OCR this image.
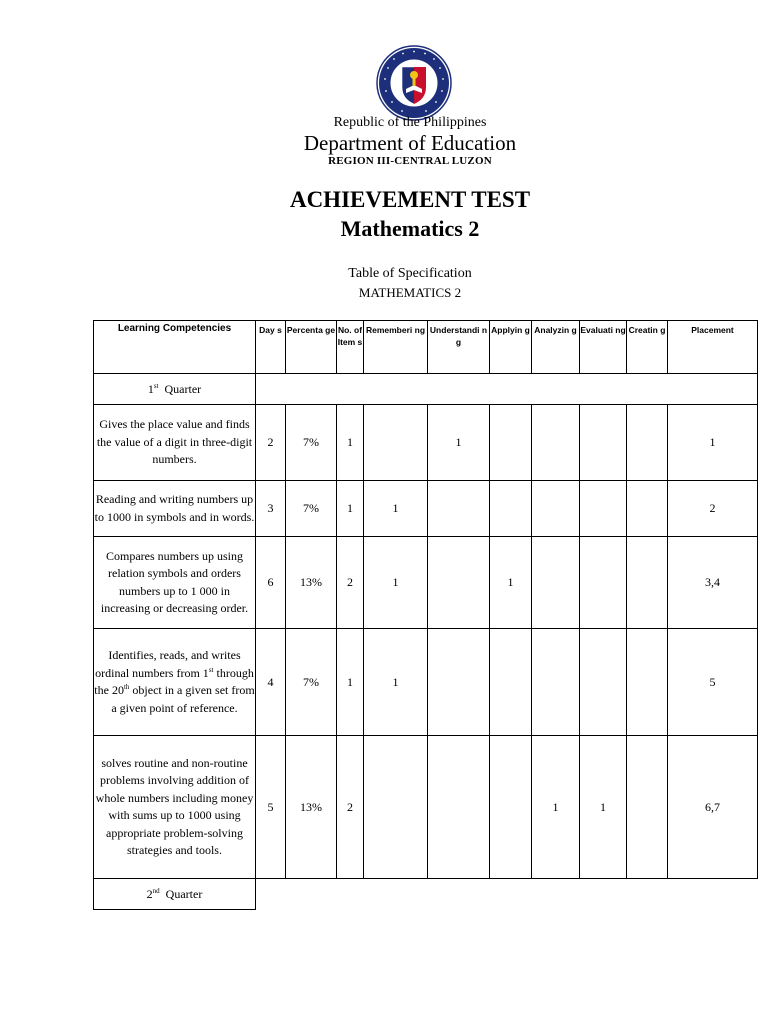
Republic of the Philippines
Department of Education
REGION III-CENTRAL LUZON
ACHIEVEMENT TEST
Mathematics 2
Table of Specification
MATHEMATICS 2
Learning Competencies	Day s	Percenta ge	No. of Item s	Rememberi ng	Understandi ng	Applyin g	Analyzin g	Evaluati ng	Creatin g	Placement
1st Quarter										
Gives the place value and finds the value of a digit in three-digit numbers.	2	7%	1		1					1
Reading and writing numbers up to 1000 in symbols and in words.	3	7%	1	1						2
Compares numbers up using relation symbols and orders numbers up to 1 000 in increasing or decreasing order.	6	13%	2	1		1				3,4
Identifies, reads, and writes ordinal numbers from 1st through the 20th object in a given set from a given point of reference.	4	7%	1	1						5
solves routine and non-routine problems involving addition of whole numbers including money with sums up to 1000 using appropriate problem-solving strategies and tools.	5	13%	2				1	1		6,7
2nd Quarter										
